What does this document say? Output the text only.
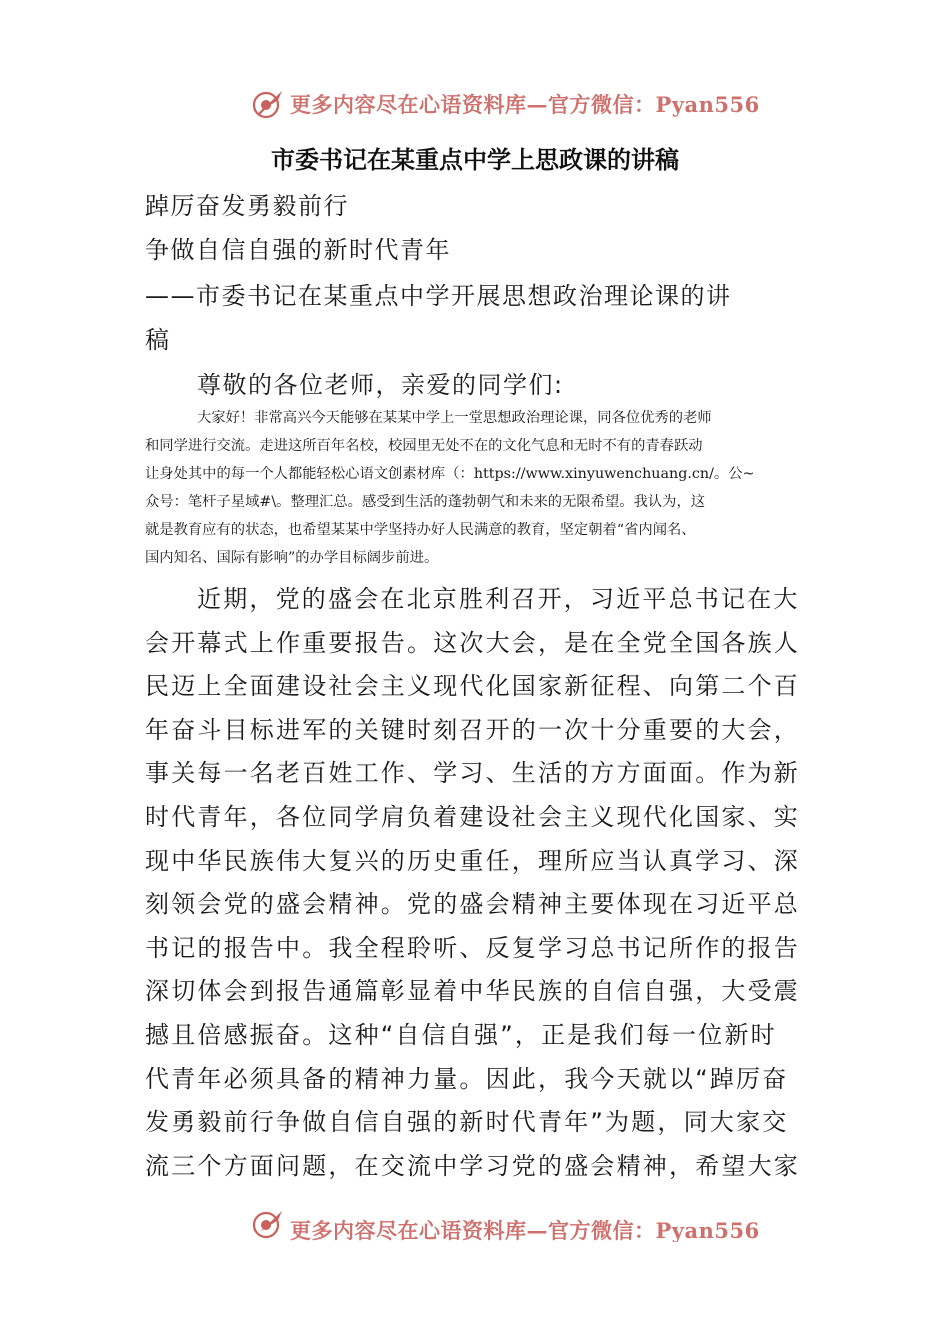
更多内容尽在心语资料库—官方微信：Pyan556
市委书记在某重点中学上思政课的讲稿
踔厉奋发勇毅前行
争做自信自强的新时代青年
——市委书记在某重点中学开展思想政治理论课的讲
稿
尊敬的各位老师，亲爱的同学们:
大家好！非常高兴今天能够在某某中学上一堂思想政治理论课，同各位优秀的老师
和同学进行交流。走进这所百年名校，校园里无处不在的文化气息和无时不有的青春跃动
让身处其中的每一个人都能轻松心语文创素材库（：https://www.xinyuwenchuang.cn/。公~
众号：笔杆子星域#\。整理汇总。感受到生活的蓬勃朝气和未来的无限希望。我认为，这
就是教育应有的状态，也希望某某中学坚持办好人民满意的教育，坚定朝着“省内闻名、
国内知名、国际有影响”的办学目标阔步前进。
近期，党的盛会在北京胜利召开，习近平总书记在大
会开幕式上作重要报告。这次大会，是在全党全国各族人
民迈上全面建设社会主义现代化国家新征程、向第二个百
年奋斗目标进军的关键时刻召开的一次十分重要的大会，
事关每一名老百姓工作、学习、生活的方方面面。作为新
时代青年，各位同学肩负着建设社会主义现代化国家、实
现中华民族伟大复兴的历史重任，理所应当认真学习、深
刻领会党的盛会精神。党的盛会精神主要体现在习近平总
书记的报告中。我全程聆听、反复学习总书记所作的报告
深切体会到报告通篇彰显着中华民族的自信自强，大受震
撼且倍感振奋。这种“自信自强”，正是我们每一位新时
代青年必须具备的精神力量。因此，我今天就以“踔厉奋
发勇毅前行争做自信自强的新时代青年”为题，同大家交
流三个方面问题，在交流中学习党的盛会精神，希望大家
更多内容尽在心语资料库—官方微信：Pyan556
